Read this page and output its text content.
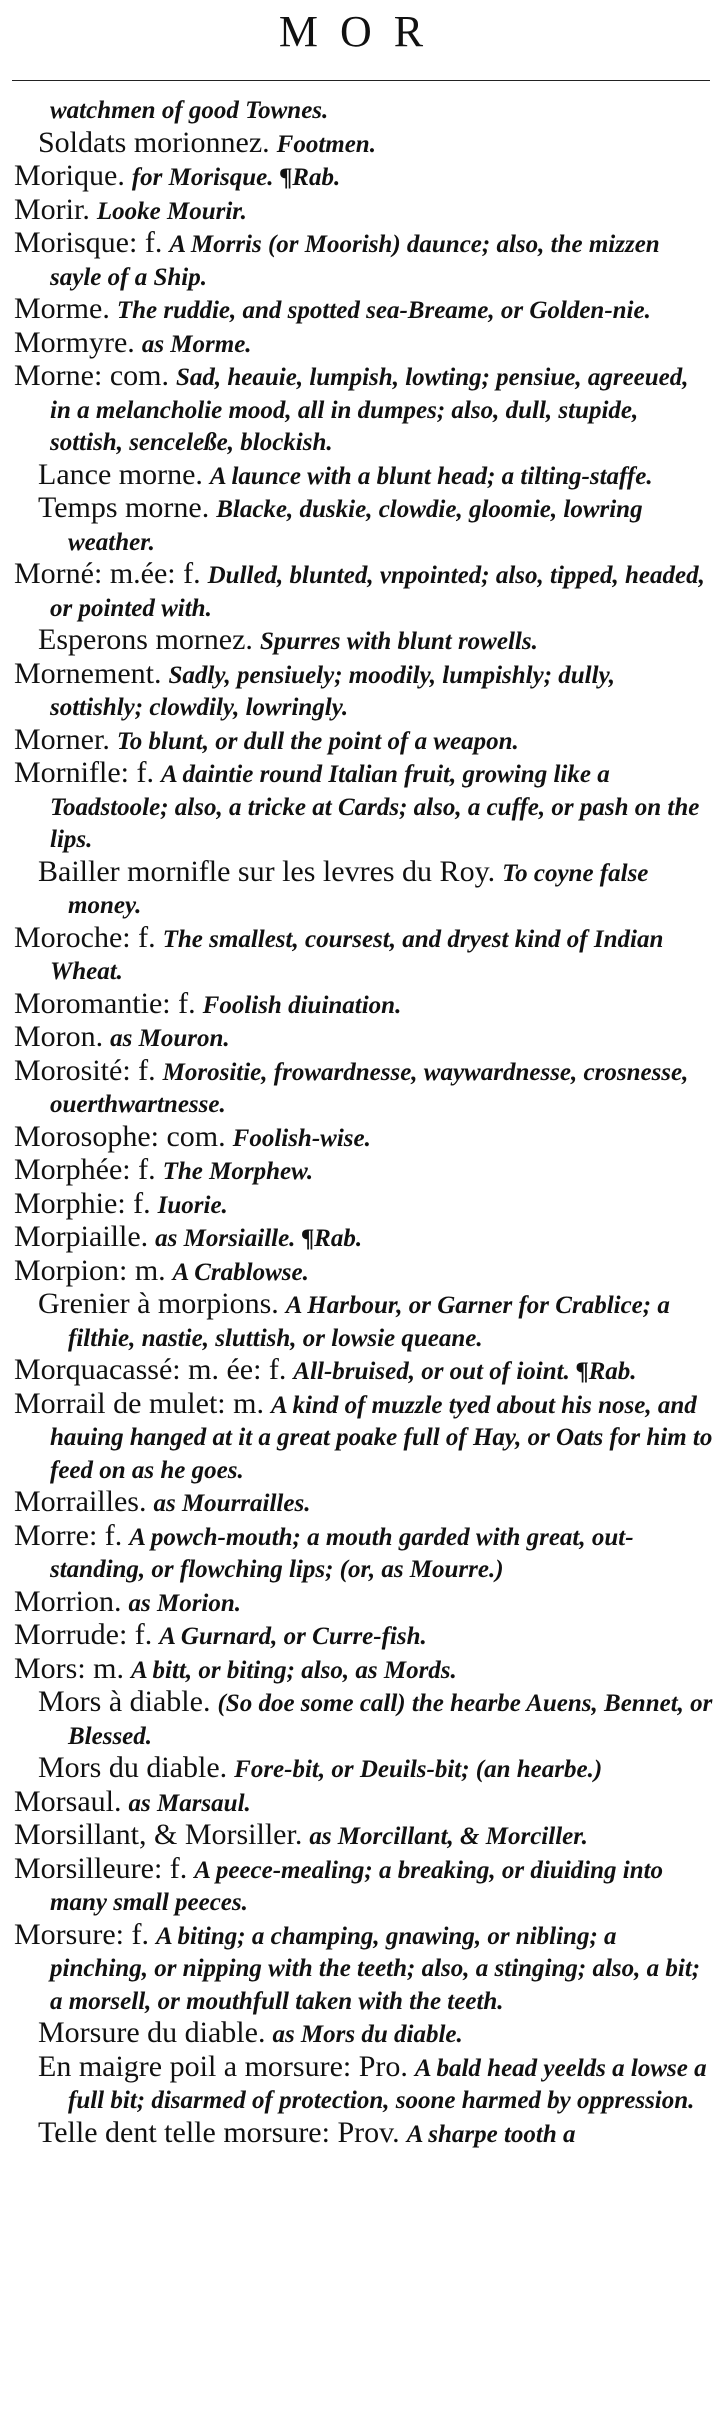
MOR

watchmen of good Townes.

Soldats morionnez. Footmen.

Morique. for Morisque. ¶Rab.

Morir. Looke Mourir.

Morisque: f. A Morris (or Moorish) daunce; also, the mizzen sayle of a Ship.

Morme. The ruddie, and spotted sea-Breame, or Golden-nie.

Mormyre. as Morme.

Morne: com. Sad, heauie, lumpish, lowting; pensiue, agreeued, in a melancholie mood, all in dumpes; also, dull, stupide, sottish, senceleße, blockish.

Lance morne. A launce with a blunt head; a tilting-staffe.

Temps morne. Blacke, duskie, clowdie, gloomie, lowring weather.

Morné: m.ée: f. Dulled, blunted, vnpointed; also, tipped, headed, or pointed with.

Esperons mornez. Spurres with blunt rowells.

Mornement. Sadly, pensiuely; moodily, lumpishly; dully, sottishly; clowdily, lowringly.

Morner. To blunt, or dull the point of a weapon.

Mornifle: f. A daintie round Italian fruit, growing like a Toadstoole; also, a tricke at Cards; also, a cuffe, or pash on the lips.

Bailler mornifle sur les levres du Roy. To coyne false money.

Moroche: f. The smallest, coursest, and dryest kind of Indian Wheat.

Moromantie: f. Foolish diuination.

Moron. as Mouron.

Morosité: f. Morositie, frowardnesse, waywardnesse, crosnesse, ouerthwartnesse.

Morosophe: com. Foolish-wise.

Morphée: f. The Morphew.

Morphie: f. Iuorie.

Morpiaille. as Morsiaille. ¶Rab.

Morpion: m. A Crablowse.

Grenier à morpions. A Harbour, or Garner for Crablice; a filthie, nastie, sluttish, or lowsie queane.

Morquacassé: m. ée: f. All-bruised, or out of ioint. ¶Rab.

Morrail de mulet: m. A kind of muzzle tyed about his nose, and hauing hanged at it a great poake full of Hay, or Oats for him to feed on as he goes.

Morrailles. as Mourrailles.

Morre: f. A powch-mouth; a mouth garded with great, out-standing, or flowching lips; (or, as Mourre.)

Morrion. as Morion.

Morrude: f. A Gurnard, or Curre-fish.

Mors: m. A bitt, or biting; also, as Mords.

Mors à diable. (So doe some call) the hearbe Auens, Bennet, or Blessed.

Mors du diable. Fore-bit, or Deuils-bit; (an hearbe.)

Morsaul. as Marsaul.

Morsillant, & Morsiller. as Morcillant, & Morciller.

Morsilleure: f. A peece-mealing; a breaking, or diuiding into many small peeces.

Morsure: f. A biting; a champing, gnawing, or nibling; a pinching, or nipping with the teeth; also, a stinging; also, a bit; a morsell, or mouthfull taken with the teeth.

Morsure du diable. as Mors du diable.

En maigre poil a morsure: Pro. A bald head yeelds a lowse a full bit; disarmed of protection, soone harmed by oppression.

Telle dent telle morsure: Prov. A sharpe tooth a
